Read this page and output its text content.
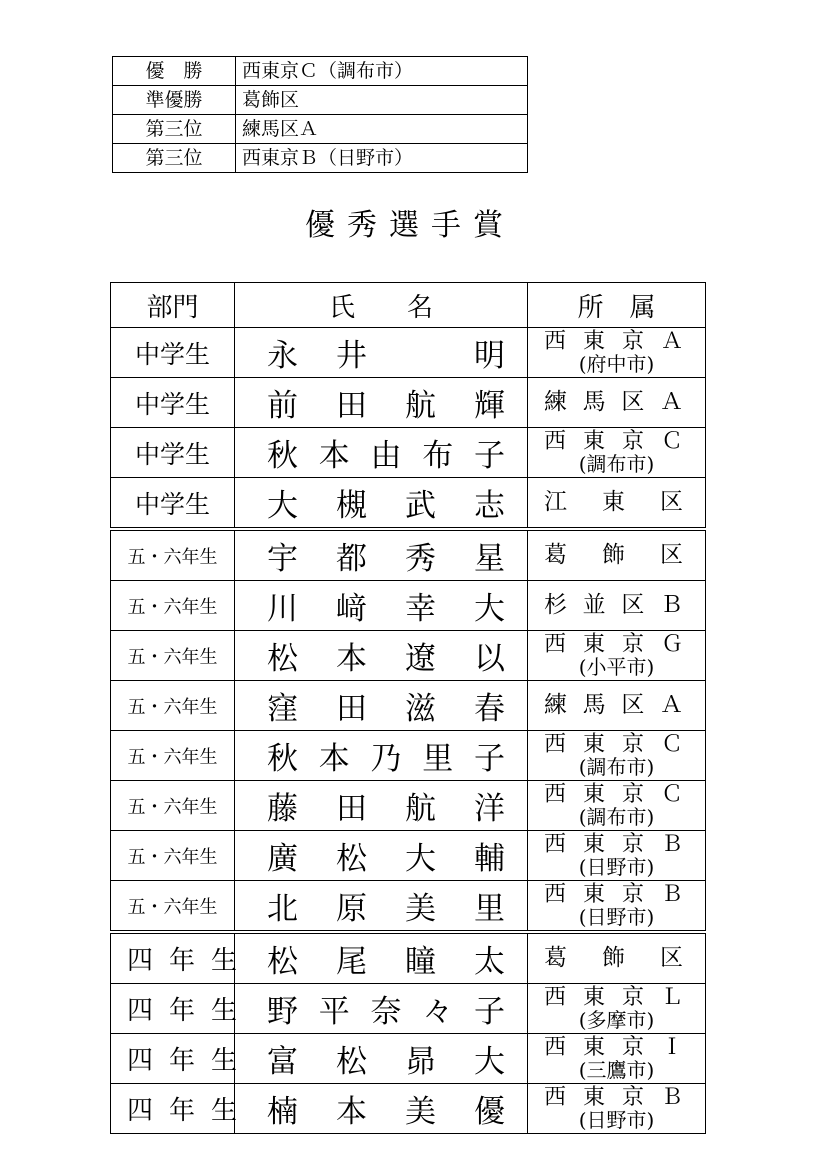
優　勝	西東京Ｃ（調布市）
準優勝	葛飾区
第三位	練馬区Ａ
第三位	西東京Ｂ（日野市）
優秀選手賞
部門	氏　　名	所　属
中学生	永井　明	西東京Ａ
(府中市)

中学生	前田航輝	練馬区Ａ

中学生	秋本由布子	西東京Ｃ
(調布市)

中学生	大槻武志	江東区

五・六年生	宇都秀星	葛飾区

五・六年生	川﨑幸大	杉並区Ｂ

五・六年生	松本遼以	西東京Ｇ
(小平市)

五・六年生	窪田滋春	練馬区Ａ

五・六年生	秋本乃里子	西東京Ｃ
(調布市)

五・六年生	藤田航洋	西東京Ｃ
(調布市)

五・六年生	廣松大輔	西東京Ｂ
(日野市)

五・六年生	北原美里	西東京Ｂ
(日野市)

四年生	松尾瞳太	葛飾区

四年生	野平奈々子	西東京Ｌ
(多摩市)

四年生	富松昴大	西東京Ｉ
(三鷹市)

四年生	楠本美優	西東京Ｂ
(日野市)
